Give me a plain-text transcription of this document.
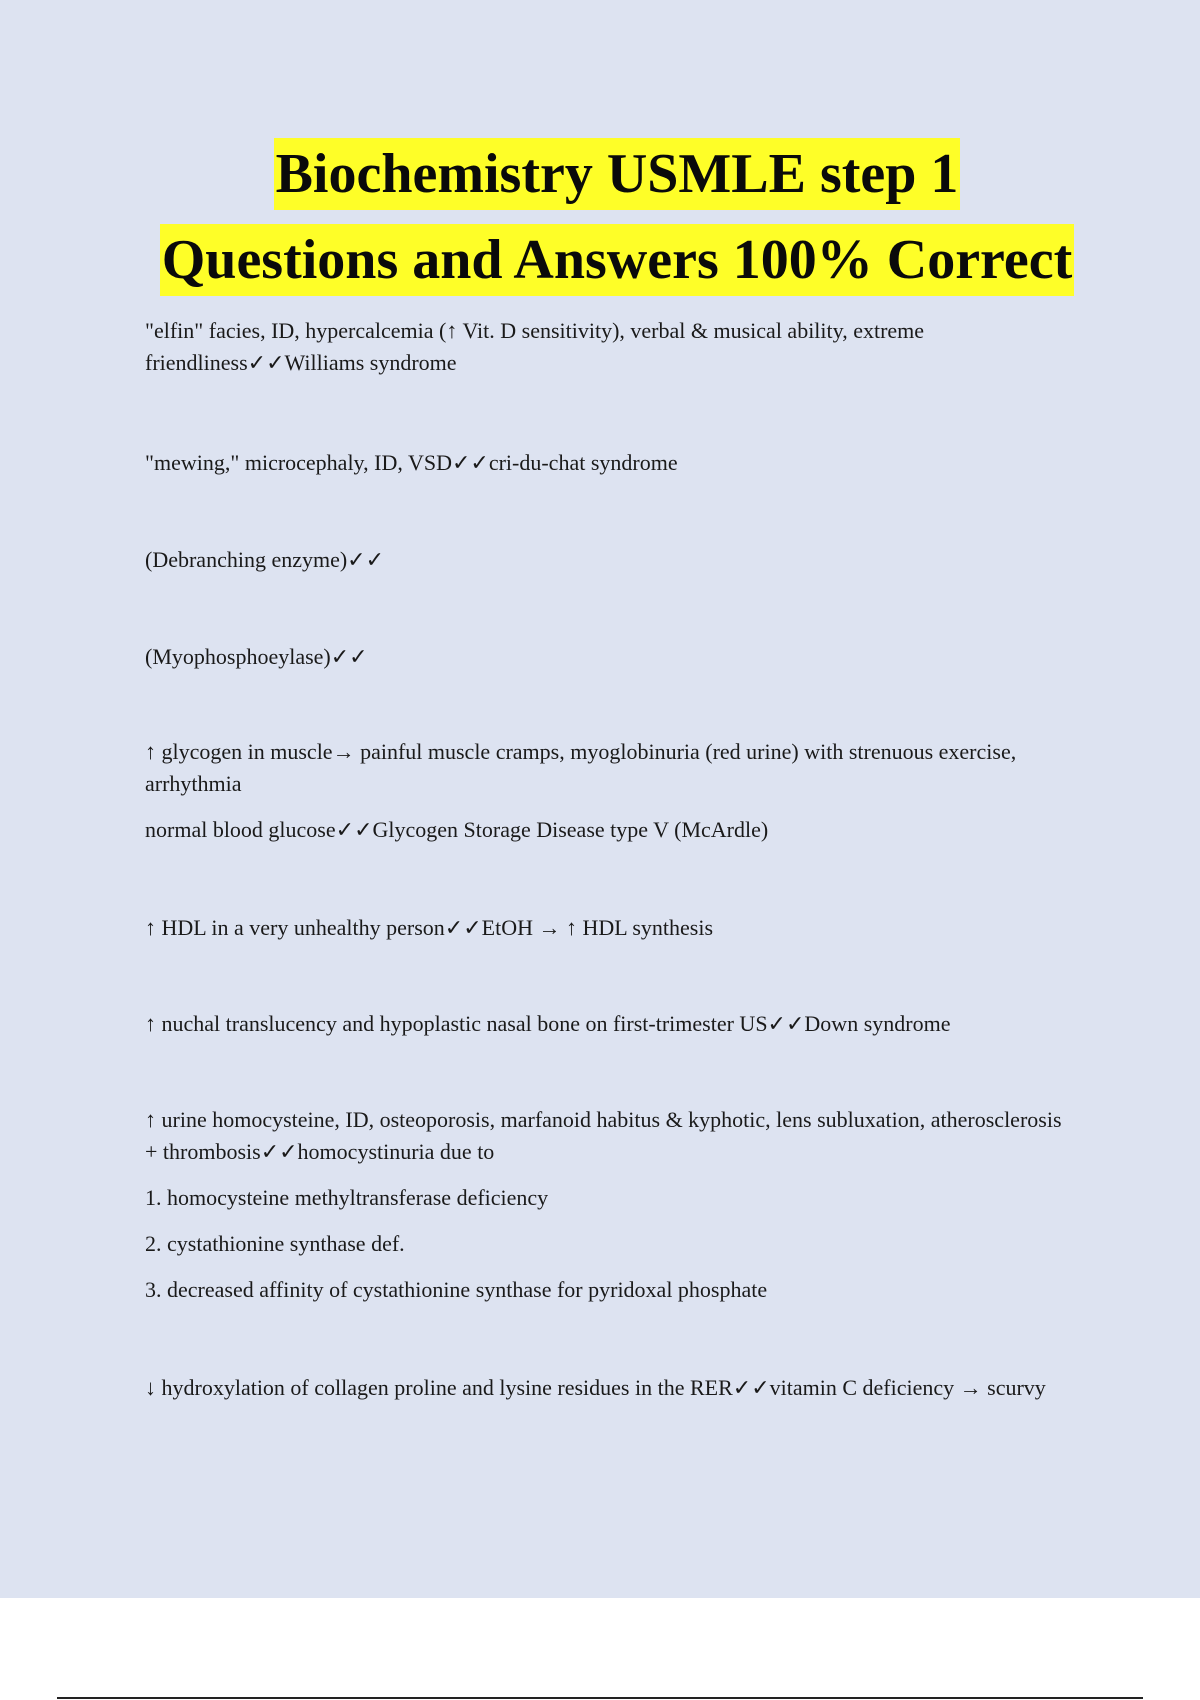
Biochemistry USMLE step 1
Questions and Answers 100% Correct

"elfin" facies, ID, hypercalcemia (↑ Vit. D sensitivity), verbal & musical ability, extreme friendliness✓✓Williams syndrome

"mewing," microcephaly, ID, VSD✓✓cri-du-chat syndrome

(Debranching enzyme)✓✓

(Myophosphoeylase)✓✓

↑ glycogen in muscle→ painful muscle cramps, myoglobinuria (red urine) with strenuous exercise, arrhythmia

normal blood glucose✓✓Glycogen Storage Disease type V (McArdle)

↑ HDL in a very unhealthy person✓✓EtOH → ↑ HDL synthesis

↑ nuchal translucency and hypoplastic nasal bone on first-trimester US✓✓Down syndrome

↑ urine homocysteine, ID, osteoporosis, marfanoid habitus & kyphotic, lens subluxation, atherosclerosis + thrombosis✓✓homocystinuria due to

1. homocysteine methyltransferase deficiency

2. cystathionine synthase def.

3. decreased affinity of cystathionine synthase for pyridoxal phosphate

↓ hydroxylation of collagen proline and lysine residues in the RER✓✓vitamin C deficiency → scurvy
